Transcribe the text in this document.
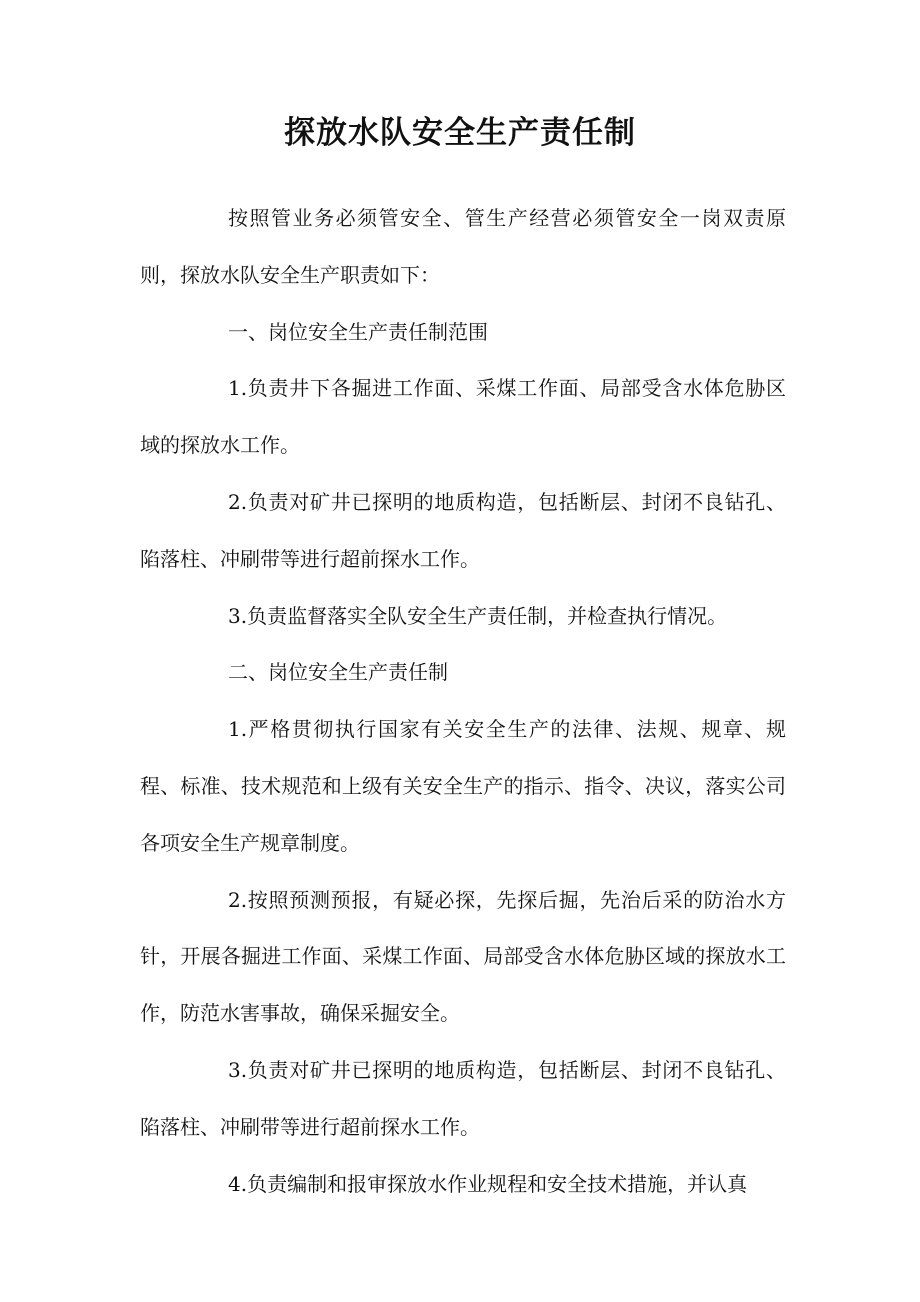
探放水队安全生产责任制

按照管业务必须管安全、管生产经营必须管安全一岗双责原则，探放水队安全生产职责如下：

一、岗位安全生产责任制范围

1.负责井下各掘进工作面、采煤工作面、局部受含水体危胁区域的探放水工作。

2.负责对矿井已探明的地质构造，包括断层、封闭不良钻孔、陷落柱、冲刷带等进行超前探水工作。

3.负责监督落实全队安全生产责任制，并检查执行情况。

二、岗位安全生产责任制

1.严格贯彻执行国家有关安全生产的法律、法规、规章、规程、标准、技术规范和上级有关安全生产的指示、指令、决议，落实公司各项安全生产规章制度。

2.按照预测预报，有疑必探，先探后掘，先治后采的防治水方针，开展各掘进工作面、采煤工作面、局部受含水体危胁区域的探放水工作，防范水害事故，确保采掘安全。

3.负责对矿井已探明的地质构造，包括断层、封闭不良钻孔、陷落柱、冲刷带等进行超前探水工作。

4.负责编制和报审探放水作业规程和安全技术措施，并认真
